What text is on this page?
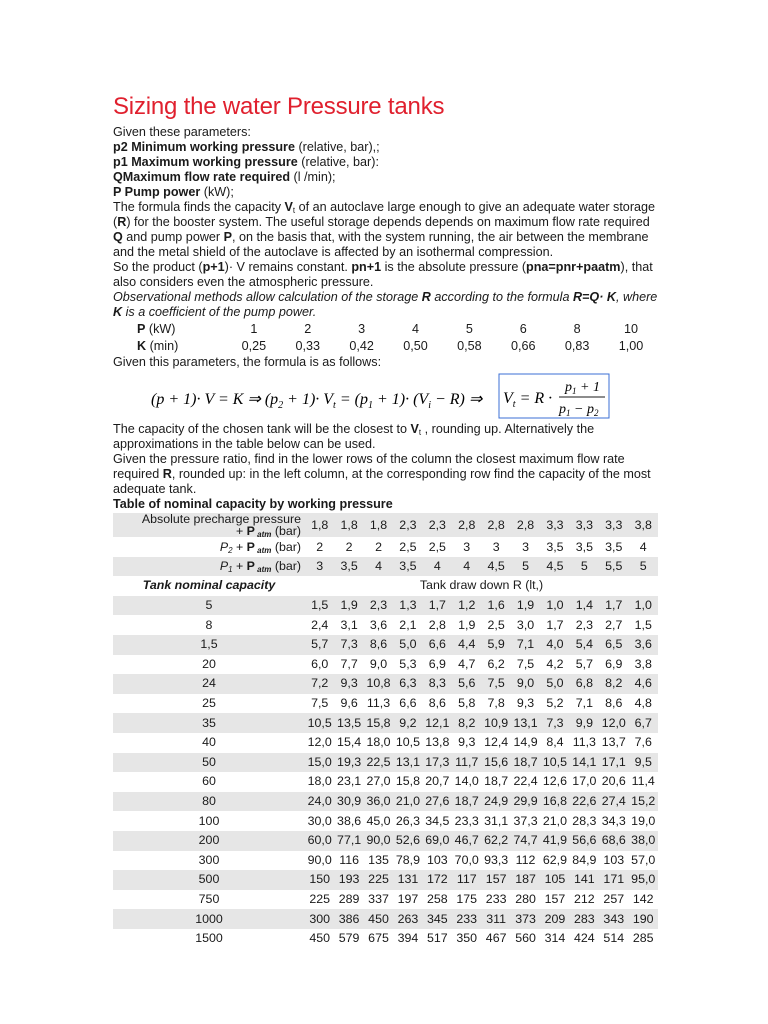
Sizing the water Pressure tanks

Given these parameters:

p2 Minimum working pressure (relative, bar),;

p1 Maximum working pressure (relative, bar):

QMaximum flow rate required (l /min);

P Pump power (kW);

The formula finds the capacity $V_t$ of an autoclave large enough to give an adequate water storage (R) for the booster system. The useful storage depends depends on maximum flow rate required Q and pump power P, on the basis that, with the system running, the air between the membrane and the metal shield of the autoclave is affected by an isothermal compression.

So the product (p+1)· V remains constant. pn+1 is the absolute pressure (pna=pnr+paatm), that also considers even the atmospheric pressure.

Observational methods allow calculation of the storage R according to the formula R=Q· K, where K is a coefficient of the pump power.

P (kW)	1	2	3	4	5	6	8	10
K (min)	0,25	0,33	0,42	0,50	0,58	0,66	0,83	1,00

Given this parameters, the formula is as follows:

(p + 1)· V = K ⇒ $(p_2 + 1)\cdot V_t = (p_1 + 1)\cdot (V_i - R)$ ⇒ $V_t = R$ ·
$p_1 + 1$
$p_1 - p_2$

The capacity of the chosen tank will be the closest to $V_t$ , rounding up. Alternatively the approximations in the table below can be used.

Given the pressure ratio, find in the lower rows of the column the closest maximum flow rate required R, rounded up: in the left column, at the corresponding row find the capacity of the most adequate tank.

Table of nominal capacity by working pressure

Absolute precharge pressure
+ P $_{atm}$ (bar)	1,8	1,8	1,8	2,3	2,3	2,8	2,8	2,8	3,3	3,3	3,3	3,8
$P_2 + P$ $_{atm}$ (bar)	2	2	2	2,5	2,5	3	3	3	3,5	3,5	3,5	4
$P_1 + P$ $_{atm}$ (bar)	3	3,5	4	3,5	4	4	4,5	5	4,5	5	5,5	5
Tank nominal capacity	Tank draw down R (lt,)											
5	1,5	1,9	2,3	1,3	1,7	1,2	1,6	1,9	1,0	1,4	1,7	1,0
8	2,4	3,1	3,6	2,1	2,8	1,9	2,5	3,0	1,7	2,3	2,7	1,5
1,5	5,7	7,3	8,6	5,0	6,6	4,4	5,9	7,1	4,0	5,4	6,5	3,6
20	6,0	7,7	9,0	5,3	6,9	4,7	6,2	7,5	4,2	5,7	6,9	3,8
24	7,2	9,3	10,8	6,3	8,3	5,6	7,5	9,0	5,0	6,8	8,2	4,6
25	7,5	9,6	11,3	6,6	8,6	5,8	7,8	9,3	5,2	7,1	8,6	4,8
35	10,5	13,5	15,8	9,2	12,1	8,2	10,9	13,1	7,3	9,9	12,0	6,7
40	12,0	15,4	18,0	10,5	13,8	9,3	12,4	14,9	8,4	11,3	13,7	7,6
50	15,0	19,3	22,5	13,1	17,3	11,7	15,6	18,7	10,5	14,1	17,1	9,5
60	18,0	23,1	27,0	15,8	20,7	14,0	18,7	22,4	12,6	17,0	20,6	11,4
80	24,0	30,9	36,0	21,0	27,6	18,7	24,9	29,9	16,8	22,6	27,4	15,2
100	30,0	38,6	45,0	26,3	34,5	23,3	31,1	37,3	21,0	28,3	34,3	19,0
200	60,0	77,1	90,0	52,6	69,0	46,7	62,2	74,7	41,9	56,6	68,6	38,0
300	90,0	116	135	78,9	103	70,0	93,3	112	62,9	84,9	103	57,0
500	150	193	225	131	172	117	157	187	105	141	171	95,0
750	225	289	337	197	258	175	233	280	157	212	257	142
1000	300	386	450	263	345	233	311	373	209	283	343	190
1500	450	579	675	394	517	350	467	560	314	424	514	285
